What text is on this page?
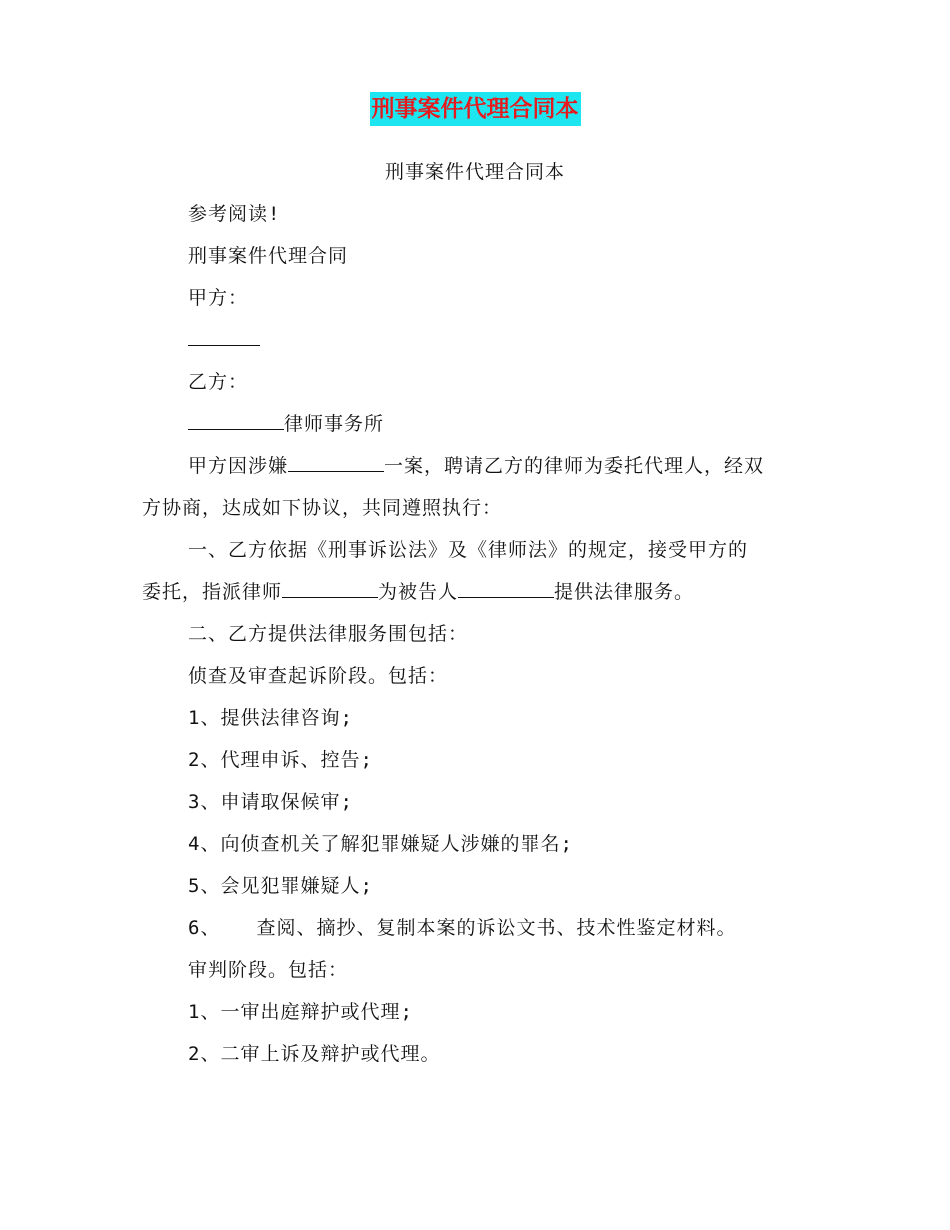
刑事案件代理合同本
刑事案件代理合同本
参考阅读!
刑事案件代理合同
甲方：
乙方：
律师事务所
甲方因涉嫌	一案，聘请乙方的律师为委托代理人，经双
方协商，达成如下协议，共同遵照执行：
一、乙方依据《刑事诉讼法》及《律师法》的规定，接受甲方的
委托，指派律师	为被告人	提供法律服务。
二、乙方提供法律服务围包括：
侦查及审查起诉阶段。包括：
1、提供法律咨询;
2、代理申诉、控告;
3、申请取保候审;
4、向侦查机关了解犯罪嫌疑人涉嫌的罪名;
5、会见犯罪嫌疑人;
6、 查阅、摘抄、复制本案的诉讼文书、技术性鉴定材料。
审判阶段。包括：
1、一审出庭辩护或代理;
2、二审上诉及辩护或代理。
